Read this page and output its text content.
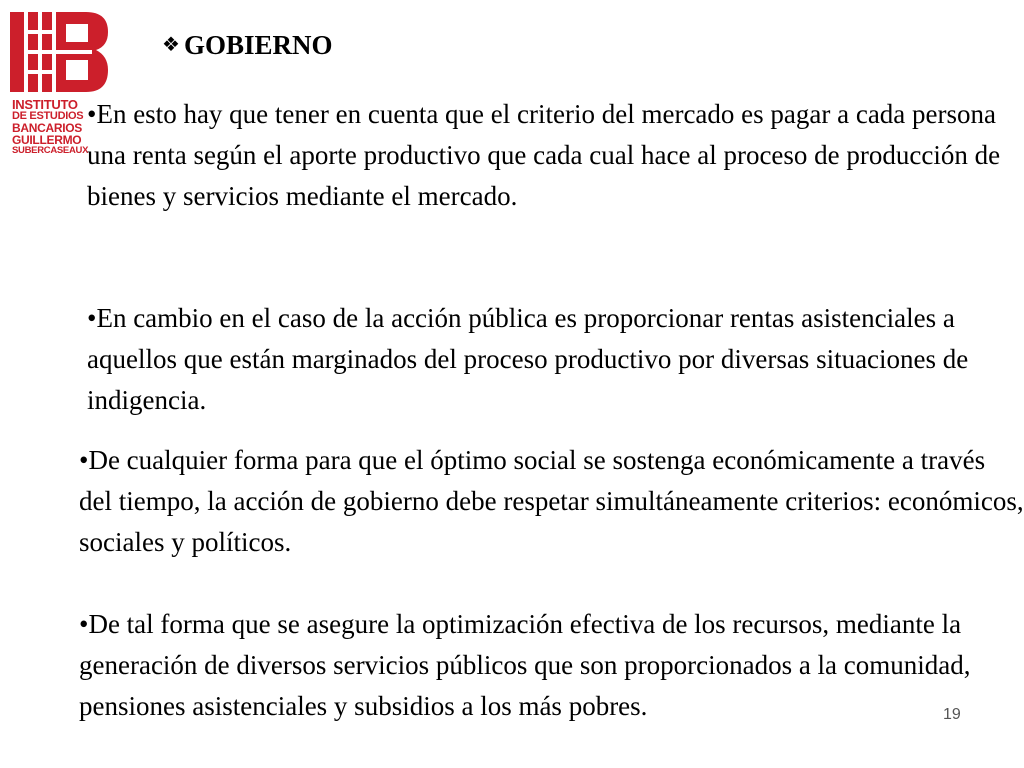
INSTITUTO
DE ESTUDIOS
BANCARIOS
GUILLERMO
SUBERCASEAUX
❖ GOBIERNO

•En esto hay que tener en cuenta que el criterio del mercado es pagar a cada persona una renta según el aporte productivo que cada cual hace al proceso de producción de bienes y servicios mediante el mercado.

•En cambio en el caso de la acción pública es proporcionar rentas asistenciales a aquellos que están marginados del proceso productivo por diversas situaciones de indigencia.

•De cualquier forma para que el óptimo social se sostenga económicamente a través del tiempo, la acción de gobierno debe respetar simultáneamente criterios: económicos, sociales y políticos.

•De tal forma que se asegure la optimización efectiva de los recursos, mediante la generación de diversos servicios públicos que son proporcionados a la comunidad, pensiones asistenciales y subsidios a los más pobres.	19
